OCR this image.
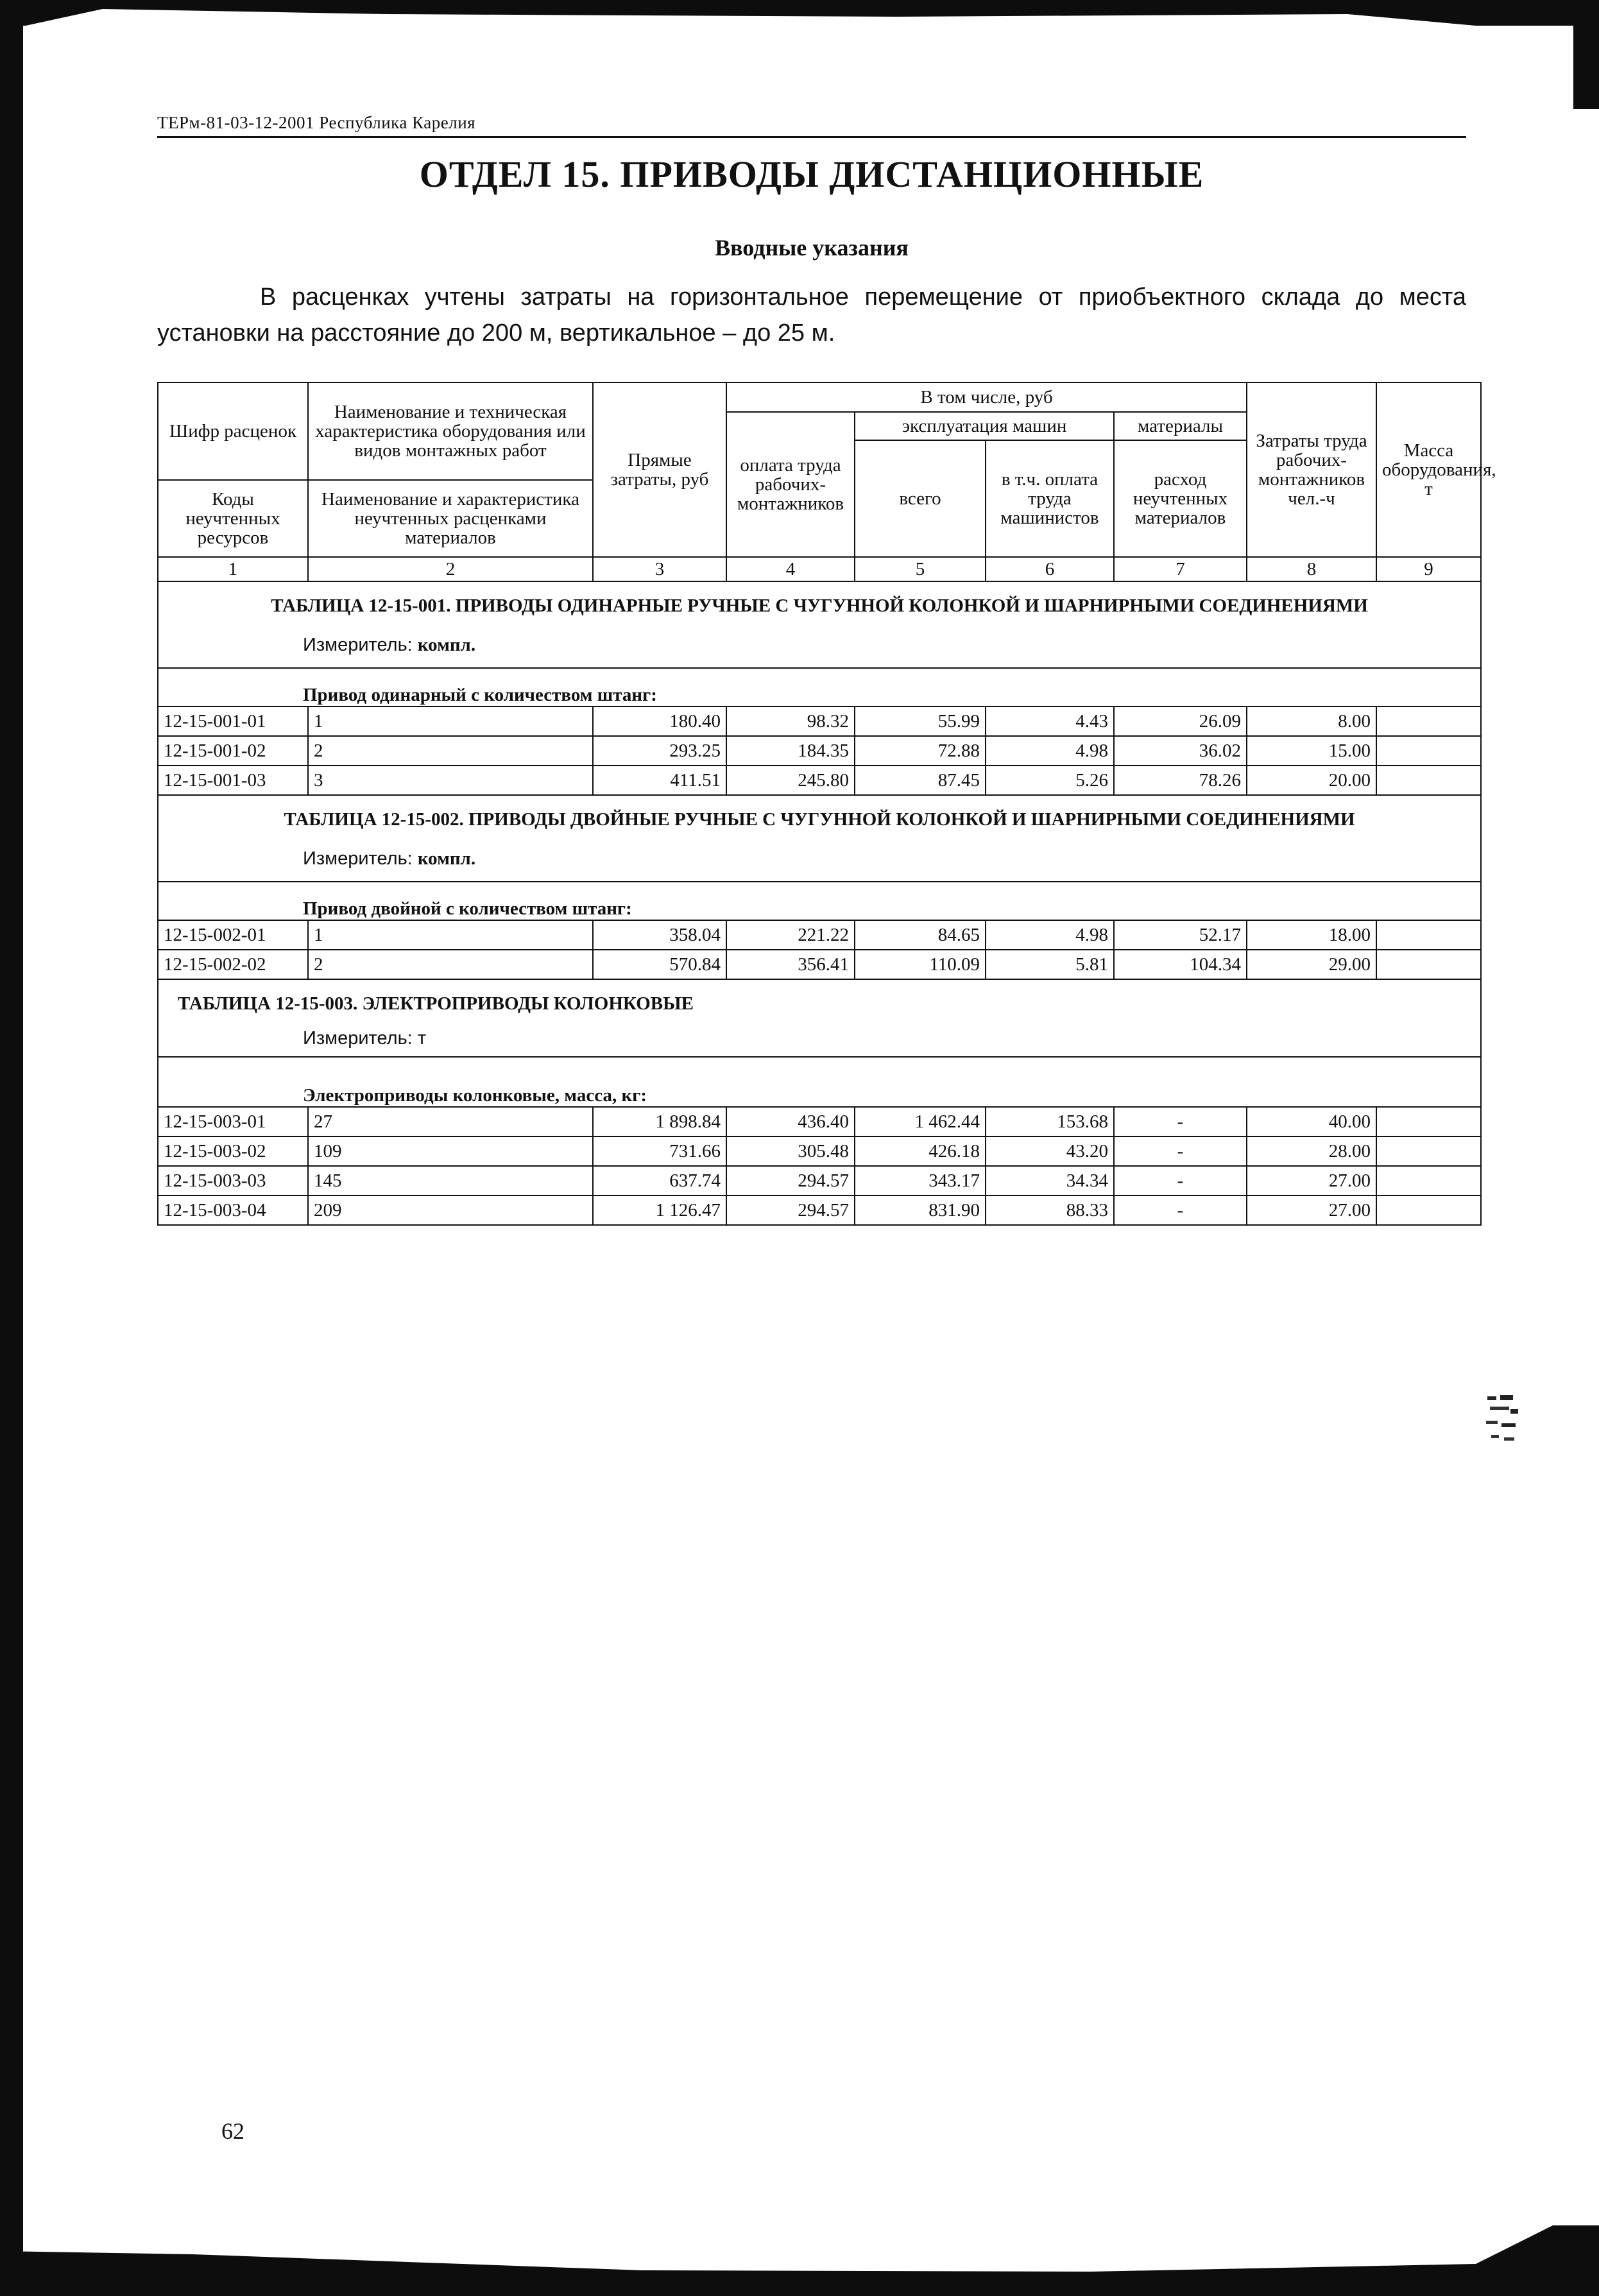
ТЕРм-81-03-12-2001 Республика Карелия
ОТДЕЛ 15. ПРИВОДЫ ДИСТАНЦИОННЫЕ
Вводные указания
В расценках учтены затраты на горизонтальное перемещение от приобъектного склада до места установки на расстояние до 200 м, вертикальное – до 25 м.
Шифр расценок	Наименование и техническая характеристика оборудования или видов монтажных работ	Прямые затраты, руб	В том числе, руб				Затраты труда рабочих-монтажников чел.-ч	Масса оборудования, т
			оплата труда рабочих-монтажников	эксплуатация машин		материалы		
				всего	в т.ч. оплата труда машинистов	расход неучтенных материалов		
Коды неучтенных ресурсов	Наименование и характеристика неучтенных расценками материалов							

1	2	3	4	5	6	7	8	9
ТАБЛИЦА 12-15-001. ПРИВОДЫ ОДИНАРНЫЕ РУЧНЫЕ С ЧУГУННОЙ КОЛОНКОЙ И ШАРНИРНЫМИ СОЕДИНЕНИЯМИ								
Измеритель: компл.								
Привод одинарный с количеством штанг:								
12-15-001-01	1	180.40	98.32	55.99	4.43	26.09	8.00	
12-15-001-02	2	293.25	184.35	72.88	4.98	36.02	15.00	
12-15-001-03	3	411.51	245.80	87.45	5.26	78.26	20.00	
ТАБЛИЦА 12-15-002. ПРИВОДЫ ДВОЙНЫЕ РУЧНЫЕ С ЧУГУННОЙ КОЛОНКОЙ И ШАРНИРНЫМИ СОЕДИНЕНИЯМИ								
Измеритель: компл.								
Привод двойной с количеством штанг:								
12-15-002-01	1	358.04	221.22	84.65	4.98	52.17	18.00	
12-15-002-02	2	570.84	356.41	110.09	5.81	104.34	29.00	
ТАБЛИЦА 12-15-003. ЭЛЕКТРОПРИВОДЫ КОЛОНКОВЫЕ								
Измеритель: т								
Электроприводы колонковые, масса, кг:								
12-15-003-01	27	1 898.84	436.40	1 462.44	153.68	-	40.00	
12-15-003-02	109	731.66	305.48	426.18	43.20	-	28.00	
12-15-003-03	145	637.74	294.57	343.17	34.34	-	27.00	
12-15-003-04	209	1 126.47	294.57	831.90	88.33	-	27.00	
62
